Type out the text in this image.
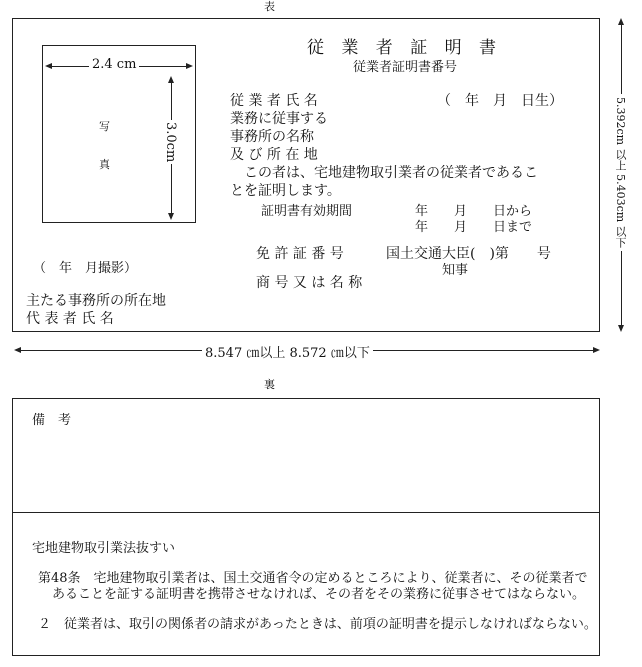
表
2.4 cm
3.0cm
写
真
（　年　月撮影）
従 業 者 証 明 書
従業者証明書番号
従 業 者 氏 名	（　年　月　日生）
業務に従事する
事務所の名称
及 び 所 在 地
　この者は、宅地建物取引業者の従業者であるこ
とを証明します。
証明書有効期間	年　　月　　日から
年　　月　　日まで
免 許 証 番 号	国土交通大臣(　)第　　号
知事
商 号 又 は 名 称
主たる事務所の所在地
代 表 者 氏 名
5.392cm 以上 5.403cm 以下
8.547 ㎝以上 8.572 ㎝以下
裏
備　考
宅地建物取引業法抜すい
第48条　宅地建物取引業者は、国土交通省令の定めるところにより、従業者に、その従業者であることを証する証明書を携帯させなければ、その者をその業務に従事させてはならない。
２　従業者は、取引の関係者の請求があったときは、前項の証明書を提示しなければならない。
